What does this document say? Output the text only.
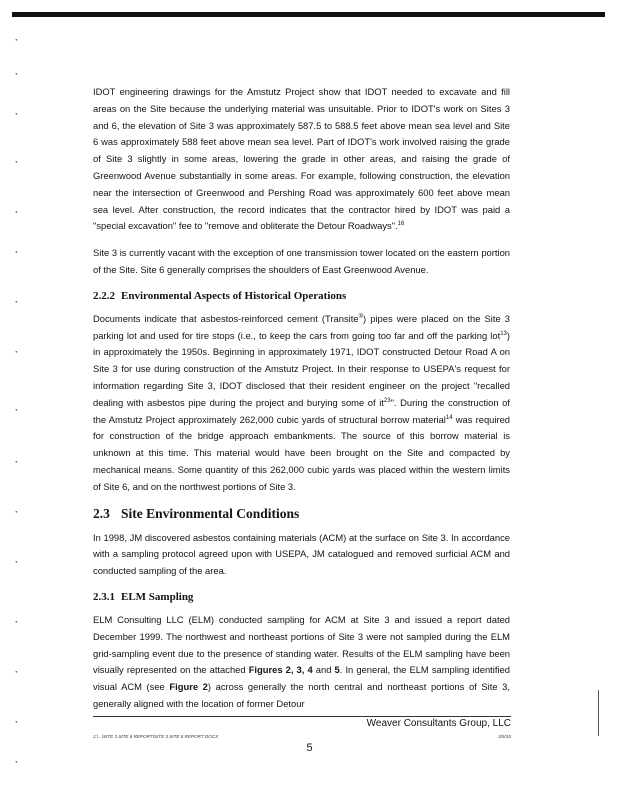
•
•
•
•
•
•
•
•
•
•
•
•
•
•
•
•

IDOT engineering drawings for the Amstutz Project show that IDOT needed to excavate and fill areas on the Site because the underlying material was unsuitable. Prior to IDOT's work on Sites 3 and 6, the elevation of Site 3 was approximately 587.5 to 588.5 feet above mean sea level and Site 6 was approximately 588 feet above mean sea level. Part of IDOT's work involved raising the grade of Site 3 slightly in some areas, lowering the grade in other areas, and raising the grade of Greenwood Avenue substantially in some areas. For example, following construction, the elevation near the intersection of Greenwood and Pershing Road was approximately 600 feet above mean sea level. After construction, the record indicates that the contractor hired by IDOT was paid a "special excavation" fee to "remove and obliterate the Detour Roadways".$^{16}$

Site 3 is currently vacant with the exception of one transmission tower located on the eastern portion of the Site. Site 6 generally comprises the shoulders of East Greenwood Avenue.

2.2.2 Environmental Aspects of Historical Operations

Documents indicate that asbestos-reinforced cement (Transite®) pipes were placed on the Site 3 parking lot and used for tire stops (i.e., to keep the cars from going too far and off the parking lot$^{13}$) in approximately the 1950s. Beginning in approximately 1971, IDOT constructed Detour Road A on Site 3 for use during construction of the Amstutz Project. In their response to USEPA's request for information regarding Site 3, IDOT disclosed that their resident engineer on the project "recalled dealing with asbestos pipe during the project and burying some of $it^{23}$". During the construction of the Amstutz Project approximately 262,000 cubic yards of structural borrow material$^{14}$ was required for construction of the bridge approach embankments. The source of this borrow material is unknown at this time. This material would have been brought on the Site and compacted by mechanical means. Some quantity of this 262,000 cubic yards was placed within the western limits of Site 6, and on the northwest portions of Site 3.

2.3 Site Environmental Conditions

In 1998, JM discovered asbestos containing materials (ACM) at the surface on Site 3. In accordance with a sampling protocol agreed upon with USEPA, JM catalogued and removed surficial ACM and conducted sampling of the area.

2.3.1 ELM Sampling

ELM Consulting LLC (ELM) conducted sampling for ACM at Site 3 and issued a report dated December 1999. The northwest and northeast portions of Site 3 were not sampled during the ELM grid-sampling event due to the presence of standing water. Results of the ELM sampling have been visually represented on the attached Figures 2, 3, 4 and 5. In general, the ELM sampling identified visual ACM (see Figure 2) across generally the north central and northeast portions of Site 3, generally aligned with the location of former Detour

Weaver Consultants Group, LLC
J:\...\SITE 3 SITE 6 REPORT\SITE 3 SITE 6 REPORT DOCX	3/5/15
5
